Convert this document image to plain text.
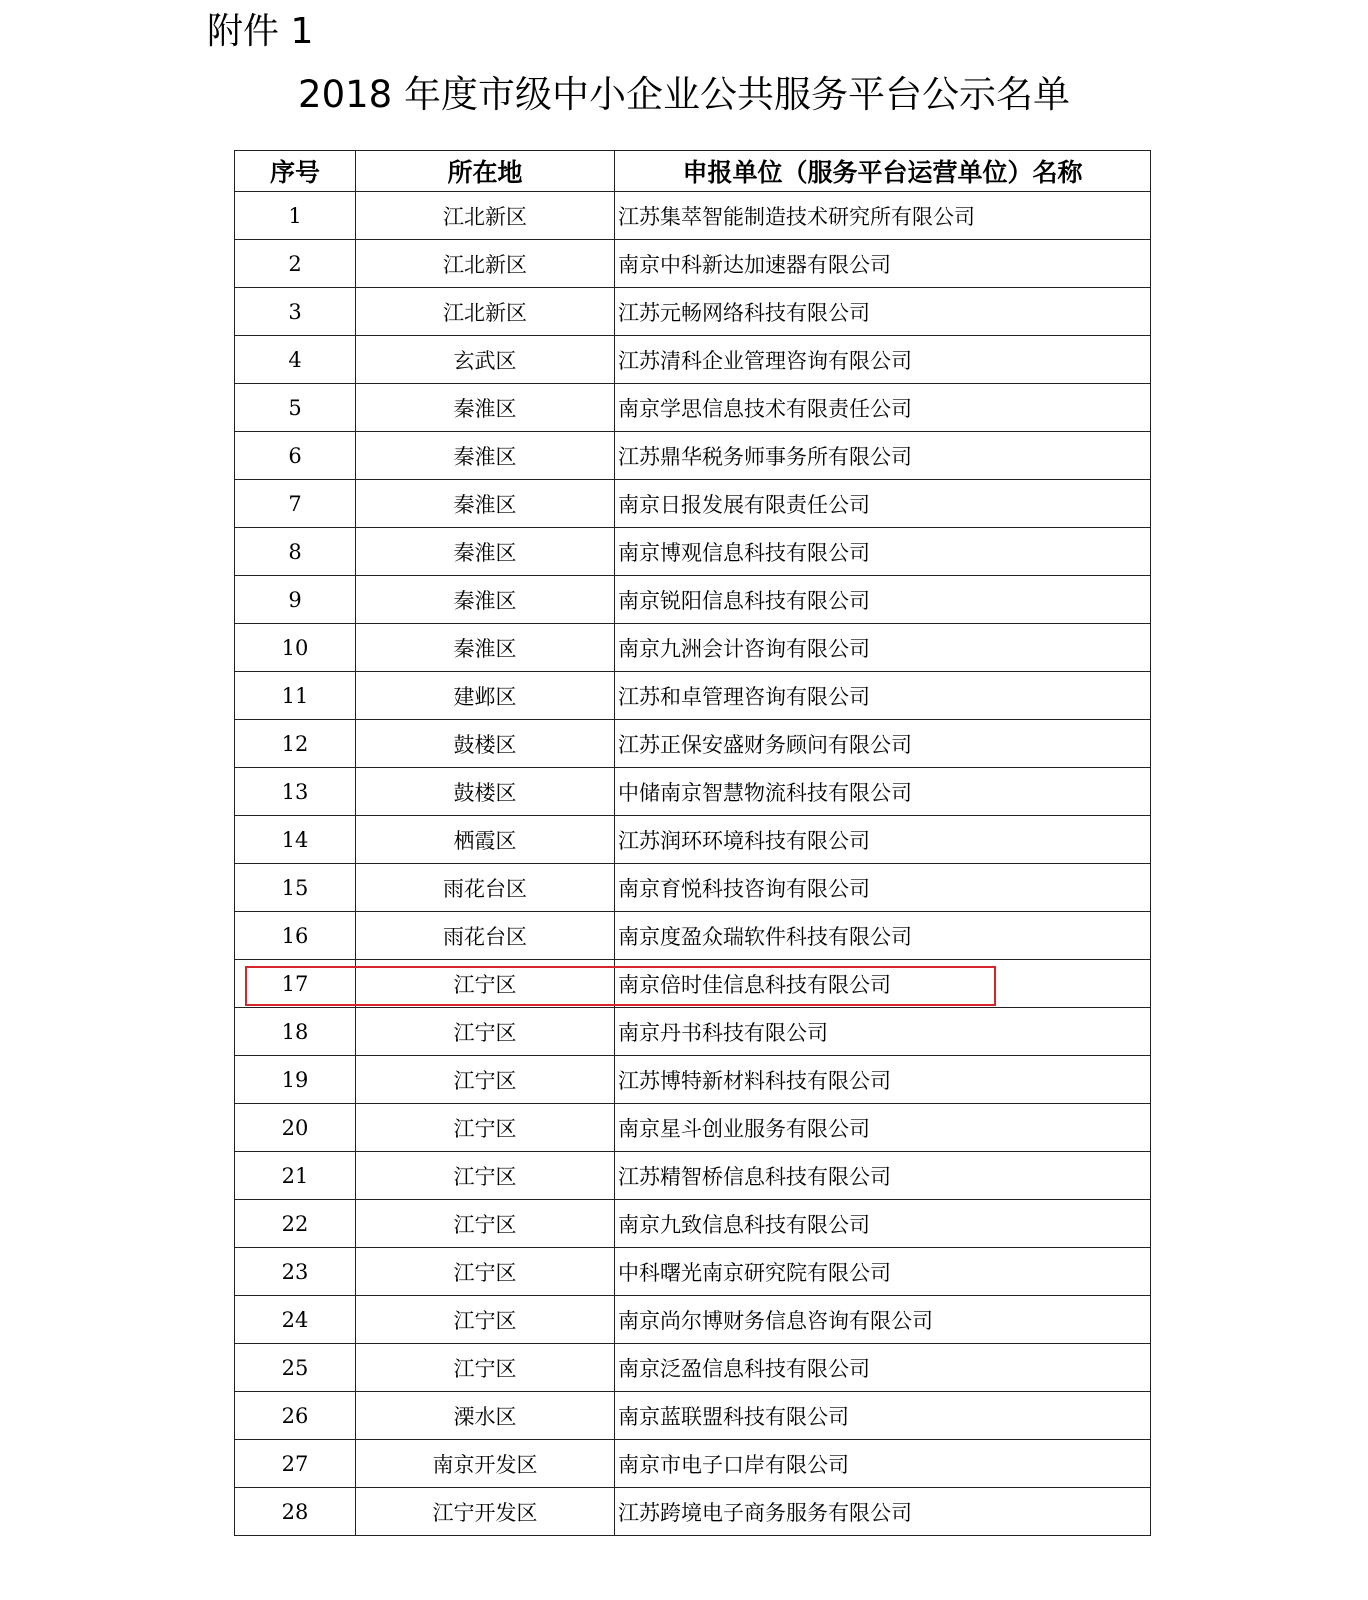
附件 1
2018 年度市级中小企业公共服务平台公示名单
序号	所在地	申报单位（服务平台运营单位）名称
1	江北新区	江苏集萃智能制造技术研究所有限公司
2	江北新区	南京中科新达加速器有限公司
3	江北新区	江苏元畅网络科技有限公司
4	玄武区	江苏清科企业管理咨询有限公司
5	秦淮区	南京学思信息技术有限责任公司
6	秦淮区	江苏鼎华税务师事务所有限公司
7	秦淮区	南京日报发展有限责任公司
8	秦淮区	南京博观信息科技有限公司
9	秦淮区	南京锐阳信息科技有限公司
10	秦淮区	南京九洲会计咨询有限公司
11	建邺区	江苏和卓管理咨询有限公司
12	鼓楼区	江苏正保安盛财务顾问有限公司
13	鼓楼区	中储南京智慧物流科技有限公司
14	栖霞区	江苏润环环境科技有限公司
15	雨花台区	南京育悦科技咨询有限公司
16	雨花台区	南京度盈众瑞软件科技有限公司
17	江宁区	南京倍时佳信息科技有限公司
18	江宁区	南京丹书科技有限公司
19	江宁区	江苏博特新材料科技有限公司
20	江宁区	南京星斗创业服务有限公司
21	江宁区	江苏精智桥信息科技有限公司
22	江宁区	南京九致信息科技有限公司
23	江宁区	中科曙光南京研究院有限公司
24	江宁区	南京尚尔博财务信息咨询有限公司
25	江宁区	南京泛盈信息科技有限公司
26	溧水区	南京蓝联盟科技有限公司
27	南京开发区	南京市电子口岸有限公司
28	江宁开发区	江苏跨境电子商务服务有限公司
